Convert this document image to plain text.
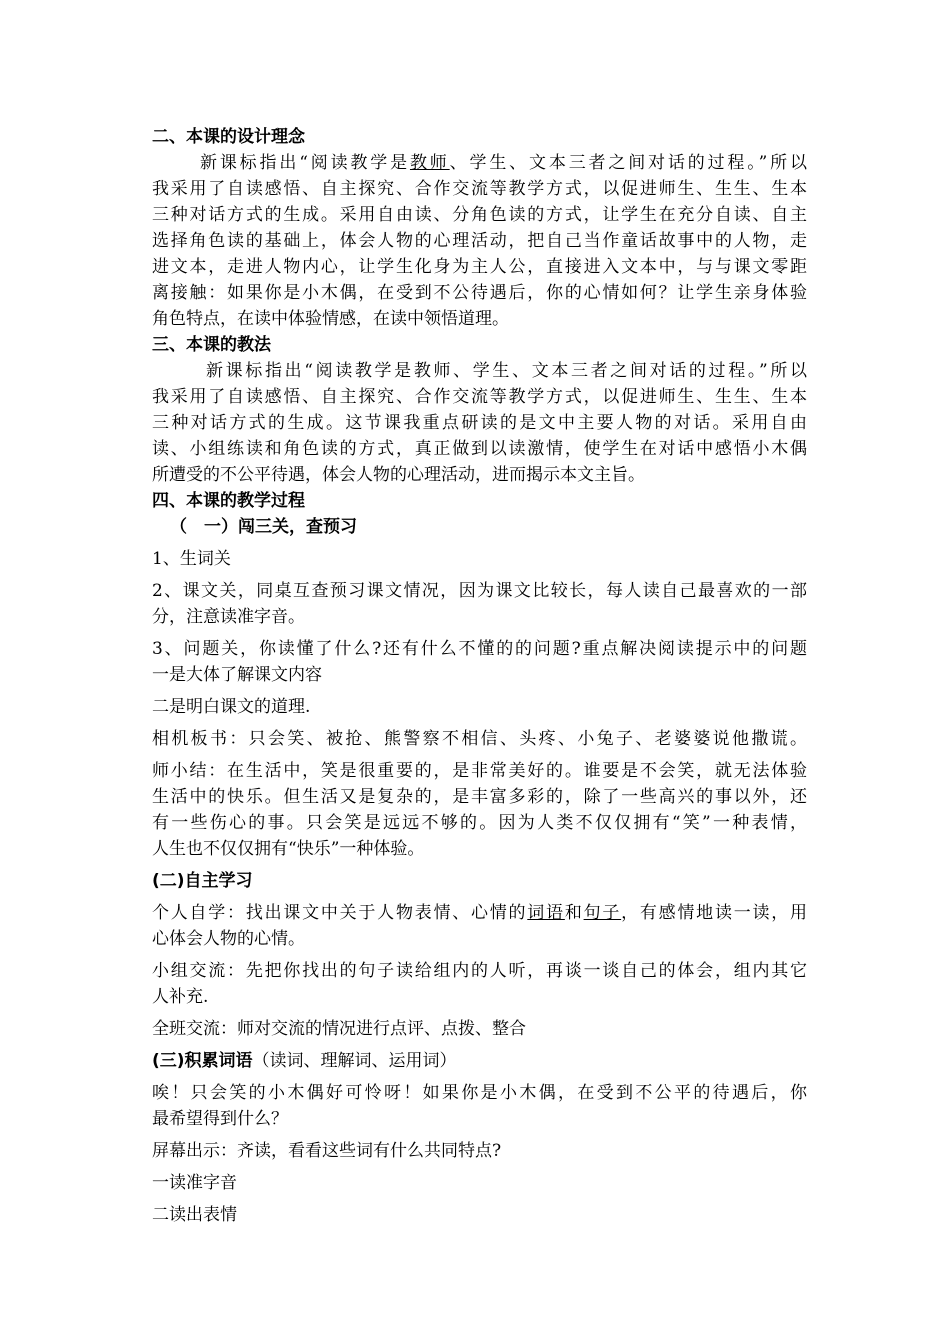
二、本课的设计理念
新课标指出“阅读教学是教师、学生、文本三者之间对话的过程。”所以
我采用了自读感悟、自主探究、合作交流等教学方式，以促进师生、生生、生本
三种对话方式的生成。采用自由读、分角色读的方式，让学生在充分自读、自主
选择角色读的基础上，体会人物的心理活动，把自己当作童话故事中的人物，走
进文本，走进人物内心，让学生化身为主人公，直接进入文本中，与与课文零距
离接触：如果你是小木偶，在受到不公待遇后，你的心情如何？让学生亲身体验
角色特点，在读中体验情感，在读中领悟道理。
三、本课的教法
新课标指出“阅读教学是教师、学生、文本三者之间对话的过程。”所以
我采用了自读感悟、自主探究、合作交流等教学方式，以促进师生、生生、生本
三种对话方式的生成。这节课我重点研读的是文中主要人物的对话。采用自由
读、小组练读和角色读的方式，真正做到以读激情，使学生在对话中感悟小木偶
所遭受的不公平待遇，体会人物的心理活动，进而揭示本文主旨。
四、本课的教学过程
（　一）闯三关，查预习
1、生词关
2、课文关，同桌互查预习课文情况，因为课文比较长，每人读自己最喜欢的一部
分，注意读准字音。
3、问题关，你读懂了什么?还有什么不懂的的问题?重点解决阅读提示中的问题
一是大体了解课文内容
二是明白课文的道理.
相机板书：只会笑、被抢、熊警察不相信、头疼、小兔子、老婆婆说他撒谎。
师小结：在生活中，笑是很重要的，是非常美好的。谁要是不会笑，就无法体验
生活中的快乐。但生活又是复杂的，是丰富多彩的，除了一些高兴的事以外，还
有一些伤心的事。只会笑是远远不够的。因为人类不仅仅拥有“笑”一种表情，
人生也不仅仅拥有“快乐”一种体验。
(二)自主学习
个人自学：找出课文中关于人物表情、心情的词语和句子，有感情地读一读，用
心体会人物的心情。
小组交流：先把你找出的句子读给组内的人听，再谈一谈自己的体会，组内其它
人补充.
全班交流：师对交流的情况进行点评、点拨、整合
(三)积累词语（读词、理解词、运用词）
唉！只会笑的小木偶好可怜呀！如果你是小木偶，在受到不公平的待遇后，你
最希望得到什么？
屏幕出示：齐读，看看这些词有什么共同特点?
一读准字音
二读出表情
